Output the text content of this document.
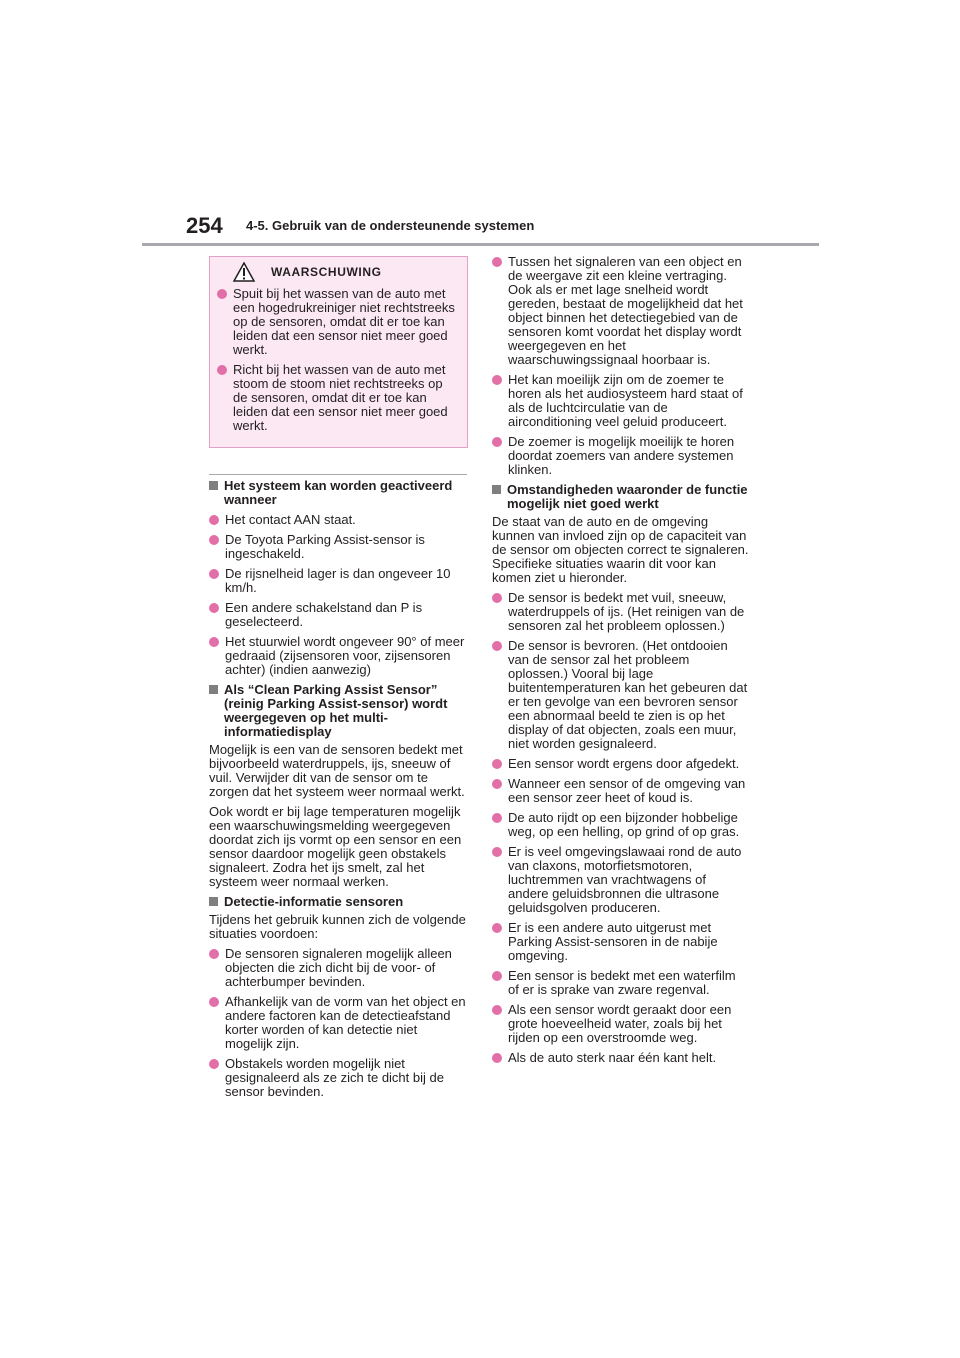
254 4-5. Gebruik van de ondersteunende systemen
WAARSCHUWING
Spuit bij het wassen van de auto met een hogedrukreiniger niet rechtstreeks op de sensoren, omdat dit er toe kan leiden dat een sensor niet meer goed werkt.
Richt bij het wassen van de auto met stoom de stoom niet rechtstreeks op de sensoren, omdat dit er toe kan leiden dat een sensor niet meer goed werkt.
Het systeem kan worden geactiveerd wanneer
Het contact AAN staat.
De Toyota Parking Assist-sensor is ingeschakeld.
De rijsnelheid lager is dan ongeveer 10 km/h.
Een andere schakelstand dan P is geselecteerd.
Het stuurwiel wordt ongeveer 90° of meer gedraaid (zijsensoren voor, zijsensoren achter) (indien aanwezig)
Als “Clean Parking Assist Sensor” (reinig Parking Assist-sensor) wordt weergegeven op het multi-informatiedisplay

Mogelijk is een van de sensoren bedekt met bijvoorbeeld waterdruppels, ijs, sneeuw of vuil. Verwijder dit van de sensor om te zorgen dat het systeem weer normaal werkt.

Ook wordt er bij lage temperaturen mogelijk een waarschuwingsmelding weergegeven doordat zich ijs vormt op een sensor en een sensor daardoor mogelijk geen obstakels signaleert. Zodra het ijs smelt, zal het systeem weer normaal werken.

Detectie-informatie sensoren

Tijdens het gebruik kunnen zich de volgende situaties voordoen:

De sensoren signaleren mogelijk alleen objecten die zich dicht bij de voor- of achterbumper bevinden.
Afhankelijk van de vorm van het object en andere factoren kan de detectieafstand korter worden of kan detectie niet mogelijk zijn.
Obstakels worden mogelijk niet gesignaleerd als ze zich te dicht bij de sensor bevinden.
Tussen het signaleren van een object en de weergave zit een kleine vertraging. Ook als er met lage snelheid wordt gereden, bestaat de mogelijkheid dat het object binnen het detectiegebied van de sensoren komt voordat het display wordt weergegeven en het waarschuwingssignaal hoorbaar is.
Het kan moeilijk zijn om de zoemer te horen als het audiosysteem hard staat of als de luchtcirculatie van de airconditioning veel geluid produceert.
De zoemer is mogelijk moeilijk te horen doordat zoemers van andere systemen klinken.
Omstandigheden waaronder de functie mogelijk niet goed werkt

De staat van de auto en de omgeving kunnen van invloed zijn op de capaciteit van de sensor om objecten correct te signaleren. Specifieke situaties waarin dit voor kan komen ziet u hieronder.

De sensor is bedekt met vuil, sneeuw, waterdruppels of ijs. (Het reinigen van de sensoren zal het probleem oplossen.)
De sensor is bevroren. (Het ontdooien van de sensor zal het probleem oplossen.) Vooral bij lage buitentemperaturen kan het gebeuren dat er ten gevolge van een bevroren sensor een abnormaal beeld te zien is op het display of dat objecten, zoals een muur, niet worden gesignaleerd.
Een sensor wordt ergens door afgedekt.
Wanneer een sensor of de omgeving van een sensor zeer heet of koud is.
De auto rijdt op een bijzonder hobbelige weg, op een helling, op grind of op gras.
Er is veel omgevingslawaai rond de auto van claxons, motorfietsmotoren, luchtremmen van vrachtwagens of andere geluidsbronnen die ultrasone geluidsgolven produceren.
Er is een andere auto uitgerust met Parking Assist-sensoren in de nabije omgeving.
Een sensor is bedekt met een waterfilm of er is sprake van zware regenval.
Als een sensor wordt geraakt door een grote hoeveelheid water, zoals bij het rijden op een overstroomde weg.
Als de auto sterk naar één kant helt.
